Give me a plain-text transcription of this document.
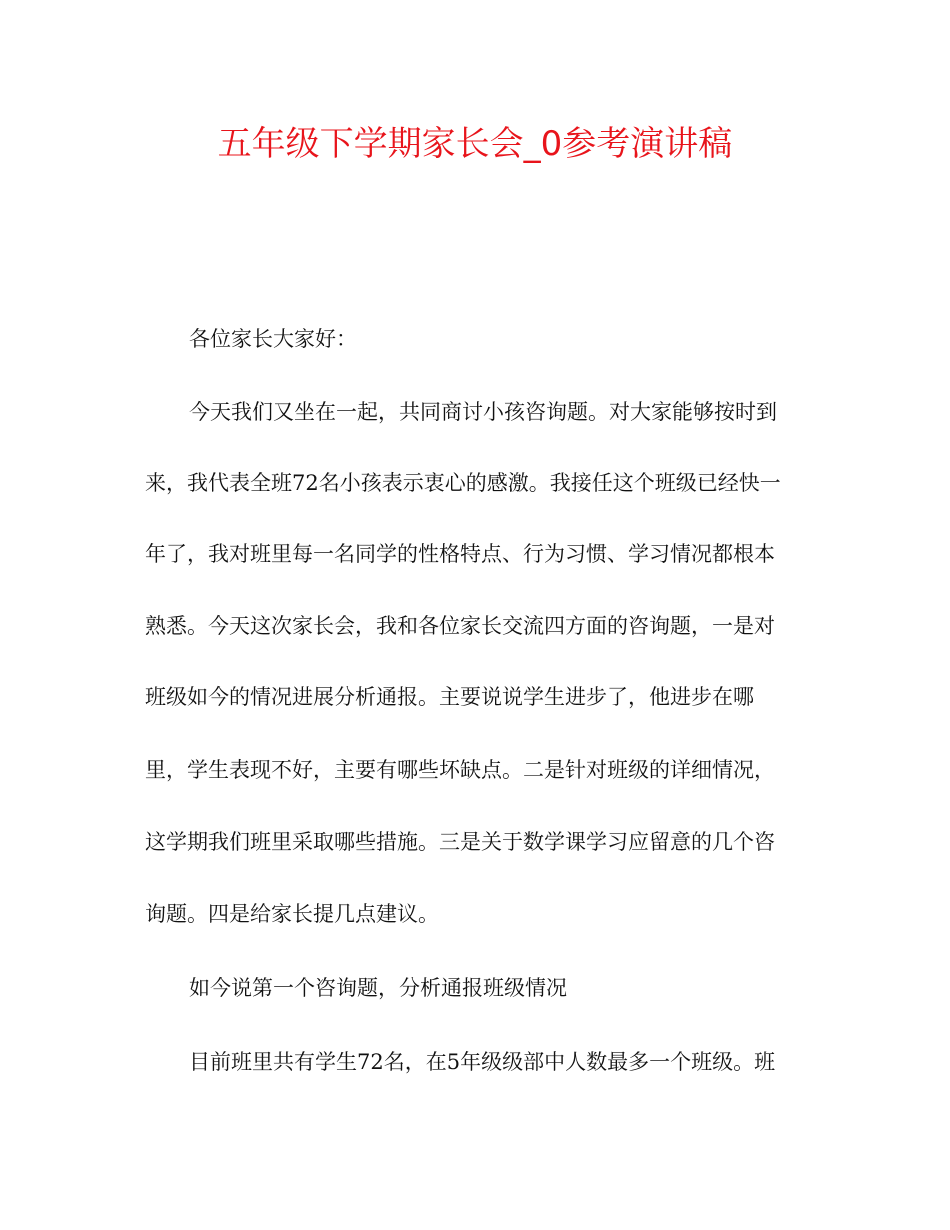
五年级下学期家长会_0参考演讲稿
各位家长大家好：
今天我们又坐在一起，共同商讨小孩咨询题。对大家能够按时到
来，我代表全班72名小孩表示衷心的感激。我接任这个班级已经快一
年了，我对班里每一名同学的性格特点、行为习惯、学习情况都根本
熟悉。今天这次家长会，我和各位家长交流四方面的咨询题，一是对
班级如今的情况进展分析通报。主要说说学生进步了，他进步在哪
里，学生表现不好，主要有哪些坏缺点。二是针对班级的详细情况，
这学期我们班里采取哪些措施。三是关于数学课学习应留意的几个咨
询题。四是给家长提几点建议。
如今说第一个咨询题，分析通报班级情况
目前班里共有学生72名，在5年级级部中人数最多一个班级。班
